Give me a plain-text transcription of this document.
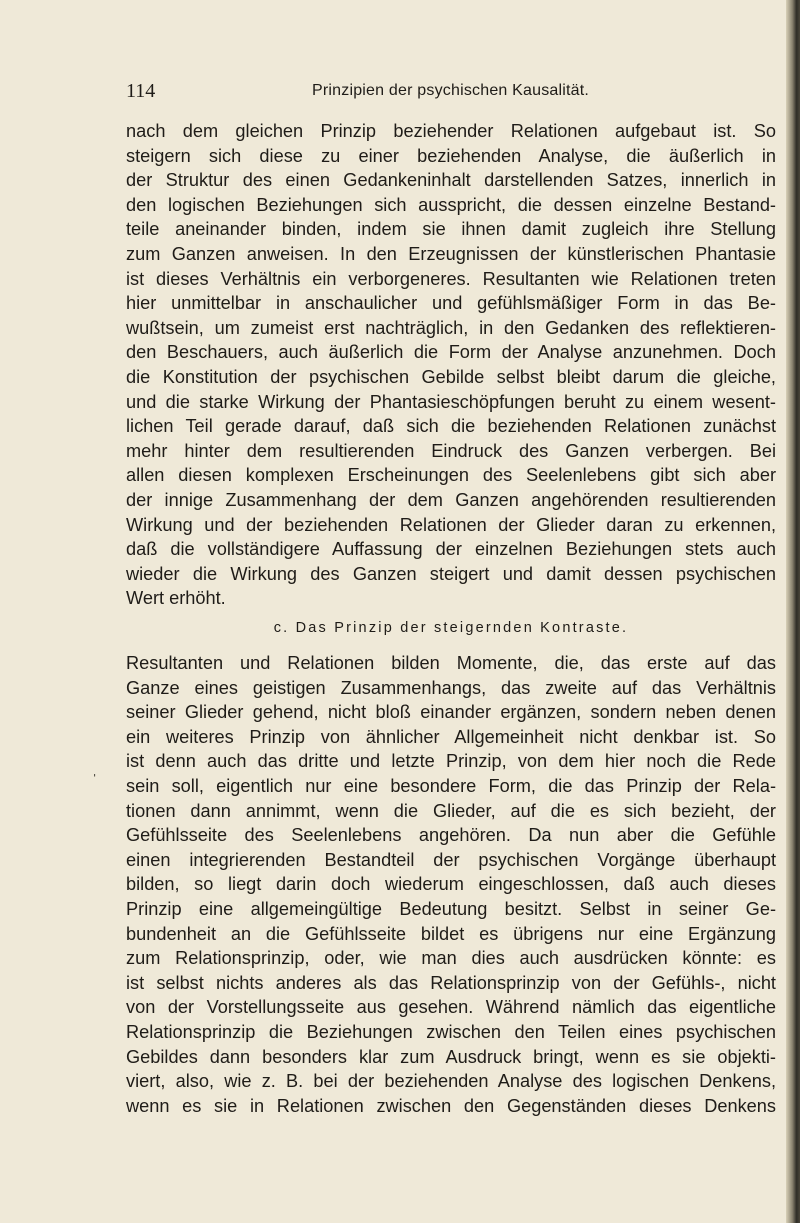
114	Prinzipien der psychischen Kausalität.
nach dem gleichen Prinzip beziehender Relationen aufgebaut ist. So
steigern sich diese zu einer beziehenden Analyse, die äußerlich in
der Struktur des einen Gedankeninhalt darstellenden Satzes, innerlich in
den logischen Beziehungen sich ausspricht, die dessen einzelne Bestand-
teile aneinander binden, indem sie ihnen damit zugleich ihre Stellung
zum Ganzen anweisen. In den Erzeugnissen der künstlerischen Phantasie
ist dieses Verhältnis ein verborgeneres. Resultanten wie Relationen treten
hier unmittelbar in anschaulicher und gefühlsmäßiger Form in das Be-
wußtsein, um zumeist erst nachträglich, in den Gedanken des reflektieren-
den Beschauers, auch äußerlich die Form der Analyse anzunehmen. Doch
die Konstitution der psychischen Gebilde selbst bleibt darum die gleiche,
und die starke Wirkung der Phantasieschöpfungen beruht zu einem wesent-
lichen Teil gerade darauf, daß sich die beziehenden Relationen zunächst
mehr hinter dem resultierenden Eindruck des Ganzen verbergen. Bei
allen diesen komplexen Erscheinungen des Seelenlebens gibt sich aber
der innige Zusammenhang der dem Ganzen angehörenden resultierenden
Wirkung und der beziehenden Relationen der Glieder daran zu erkennen,
daß die vollständigere Auffassung der einzelnen Beziehungen stets auch
wieder die Wirkung des Ganzen steigert und damit dessen psychischen
Wert erhöht.
c. Das Prinzip der steigernden Kontraste.
Resultanten und Relationen bilden Momente, die, das erste auf das
Ganze eines geistigen Zusammenhangs, das zweite auf das Verhältnis
seiner Glieder gehend, nicht bloß einander ergänzen, sondern neben denen
ein weiteres Prinzip von ähnlicher Allgemeinheit nicht denkbar ist. So
ist denn auch das dritte und letzte Prinzip, von dem hier noch die Rede
sein soll, eigentlich nur eine besondere Form, die das Prinzip der Rela-
tionen dann annimmt, wenn die Glieder, auf die es sich bezieht, der
Gefühlsseite des Seelenlebens angehören. Da nun aber die Gefühle
einen integrierenden Bestandteil der psychischen Vorgänge überhaupt
bilden, so liegt darin doch wiederum eingeschlossen, daß auch dieses
Prinzip eine allgemeingültige Bedeutung besitzt. Selbst in seiner Ge-
bundenheit an die Gefühlsseite bildet es übrigens nur eine Ergänzung
zum Relationsprinzip, oder, wie man dies auch ausdrücken könnte: es
ist selbst nichts anderes als das Relationsprinzip von der Gefühls-, nicht
von der Vorstellungsseite aus gesehen. Während nämlich das eigentliche
Relationsprinzip die Beziehungen zwischen den Teilen eines psychischen
Gebildes dann besonders klar zum Ausdruck bringt, wenn es sie objekti-
viert, also, wie z. B. bei der beziehenden Analyse des logischen Denkens,
wenn es sie in Relationen zwischen den Gegenständen dieses Denkens
ˌ
